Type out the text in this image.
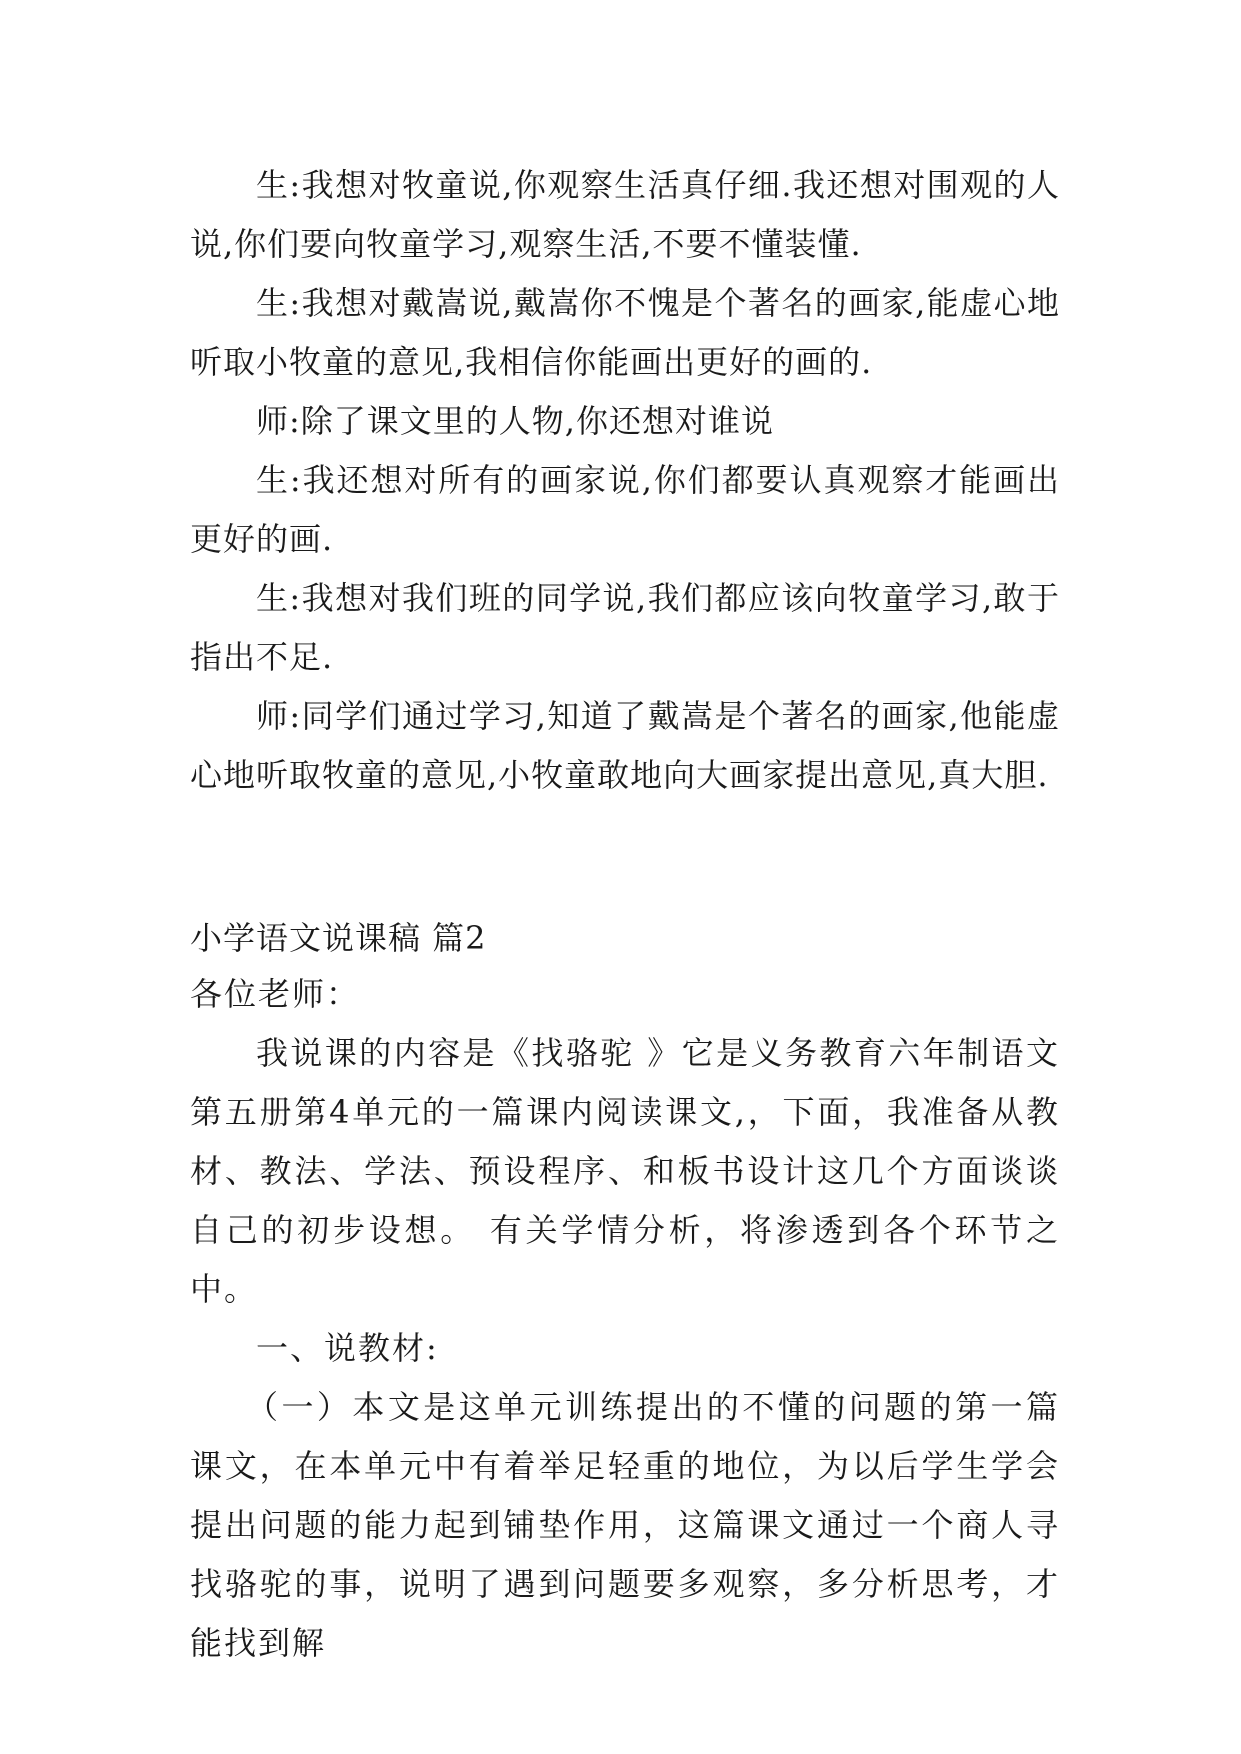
生:我想对牧童说,你观察生活真仔细.我还想对围观的人说,你们要向牧童学习,观察生活,不要不懂装懂.

生:我想对戴嵩说,戴嵩你不愧是个著名的画家,能虚心地听取小牧童的意见,我相信你能画出更好的画的.

师:除了课文里的人物,你还想对谁说

生:我还想对所有的画家说,你们都要认真观察才能画出更好的画.

生:我想对我们班的同学说,我们都应该向牧童学习,敢于指出不足.

师:同学们通过学习,知道了戴嵩是个著名的画家,他能虚心地听取牧童的意见,小牧童敢地向大画家提出意见,真大胆.

小学语文说课稿 篇2

各位老师：

我说课的内容是《找骆驼 》它是义务教育六年制语文第五册第4单元的一篇课内阅读课文,，下面，我准备从教材、教法、学法、预设程序、和板书设计这几个方面谈谈自己的初步设想。 有关学情分析，将渗透到各个环节之中。

一、说教材:

（一）本文是这单元训练提出的不懂的问题的第一篇课文，在本单元中有着举足轻重的地位，为以后学生学会提出问题的能力起到铺垫作用，这篇课文通过一个商人寻找骆驼的事，说明了遇到问题要多观察，多分析思考，才能找到解
